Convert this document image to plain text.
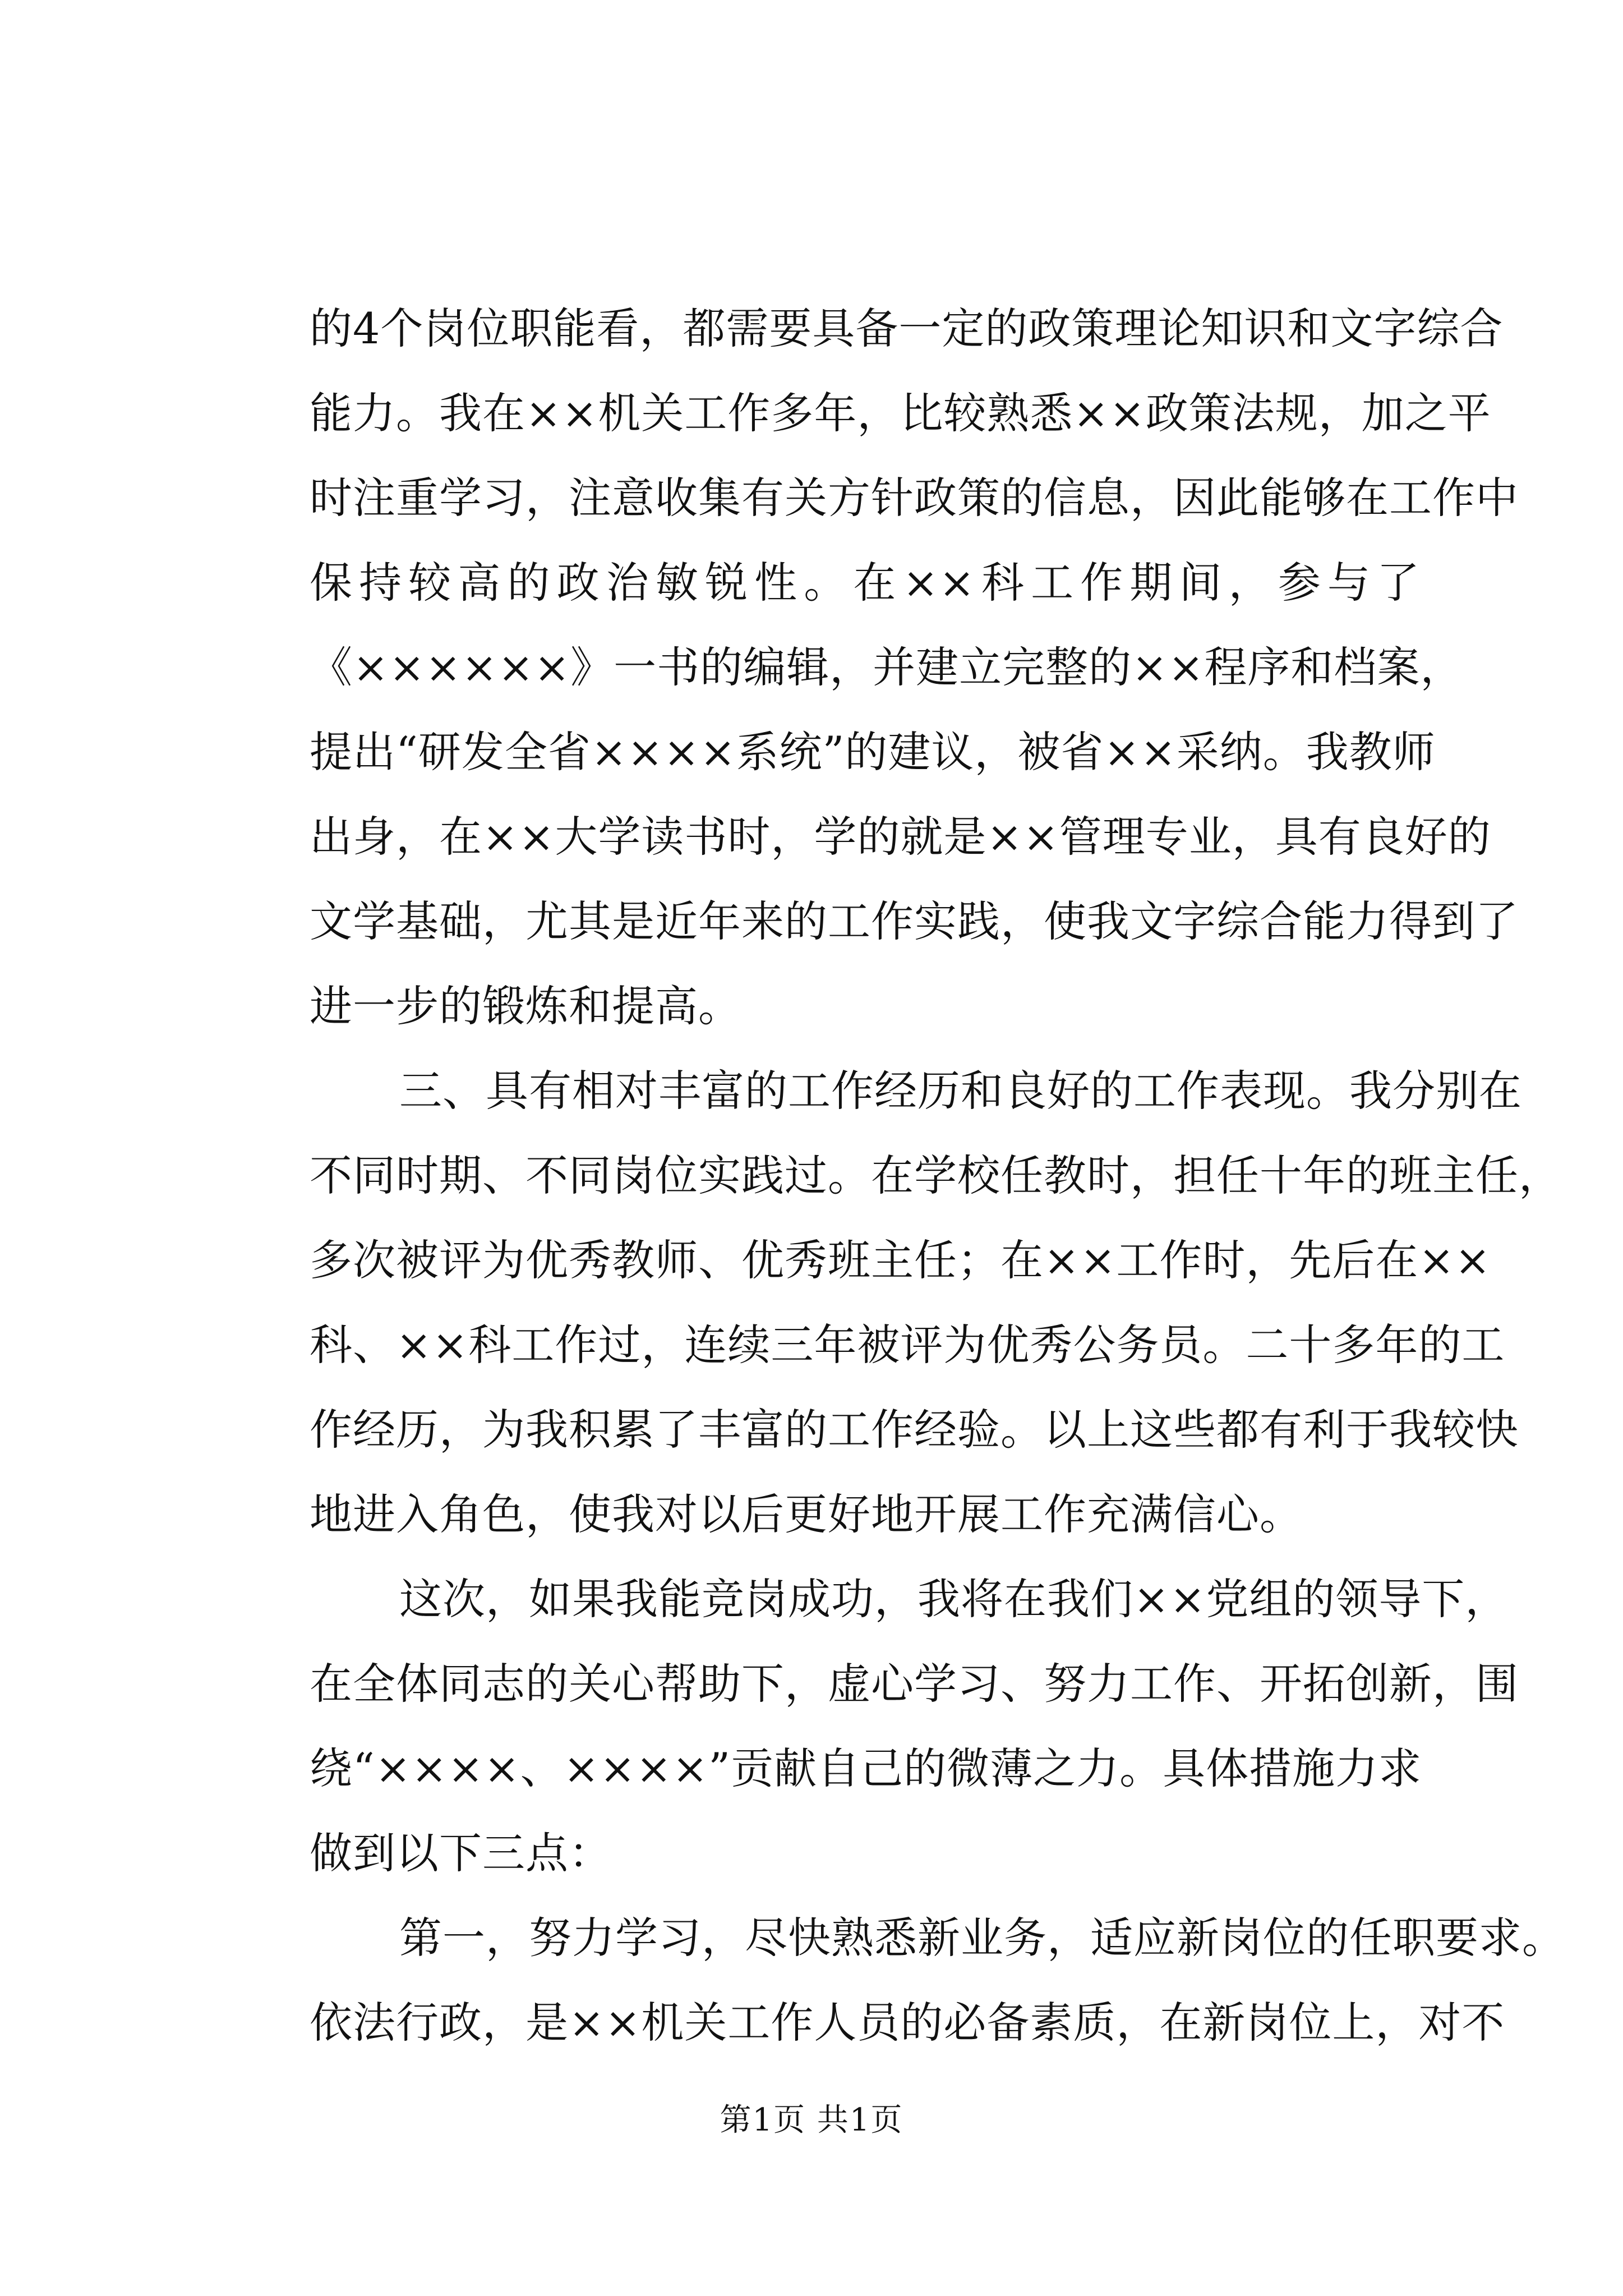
的4个岗位职能看，都需要具备一定的政策理论知识和文字综合
能力。我在××机关工作多年，比较熟悉××政策法规，加之平
时注重学习，注意收集有关方针政策的信息，因此能够在工作中
保持较高的政治敏锐性。在××科工作期间，参与了
《××××××》一书的编辑，并建立完整的××程序和档案，
提出“研发全省××××系统”的建议，被省××采纳。我教师
出身，在××大学读书时，学的就是××管理专业，具有良好的
文学基础，尤其是近年来的工作实践，使我文字综合能力得到了
进一步的锻炼和提高。
三、具有相对丰富的工作经历和良好的工作表现。我分别在
不同时期、不同岗位实践过。在学校任教时，担任十年的班主任，
多次被评为优秀教师、优秀班主任；在××工作时，先后在××
科、××科工作过，连续三年被评为优秀公务员。二十多年的工
作经历，为我积累了丰富的工作经验。以上这些都有利于我较快
地进入角色，使我对以后更好地开展工作充满信心。
这次，如果我能竞岗成功，我将在我们××党组的领导下，
在全体同志的关心帮助下，虚心学习、努力工作、开拓创新，围
绕“××××、××××”贡献自己的微薄之力。具体措施力求
做到以下三点：
第一，努力学习，尽快熟悉新业务，适应新岗位的任职要求。
依法行政，是××机关工作人员的必备素质，在新岗位上，对不
第1页 共1页
